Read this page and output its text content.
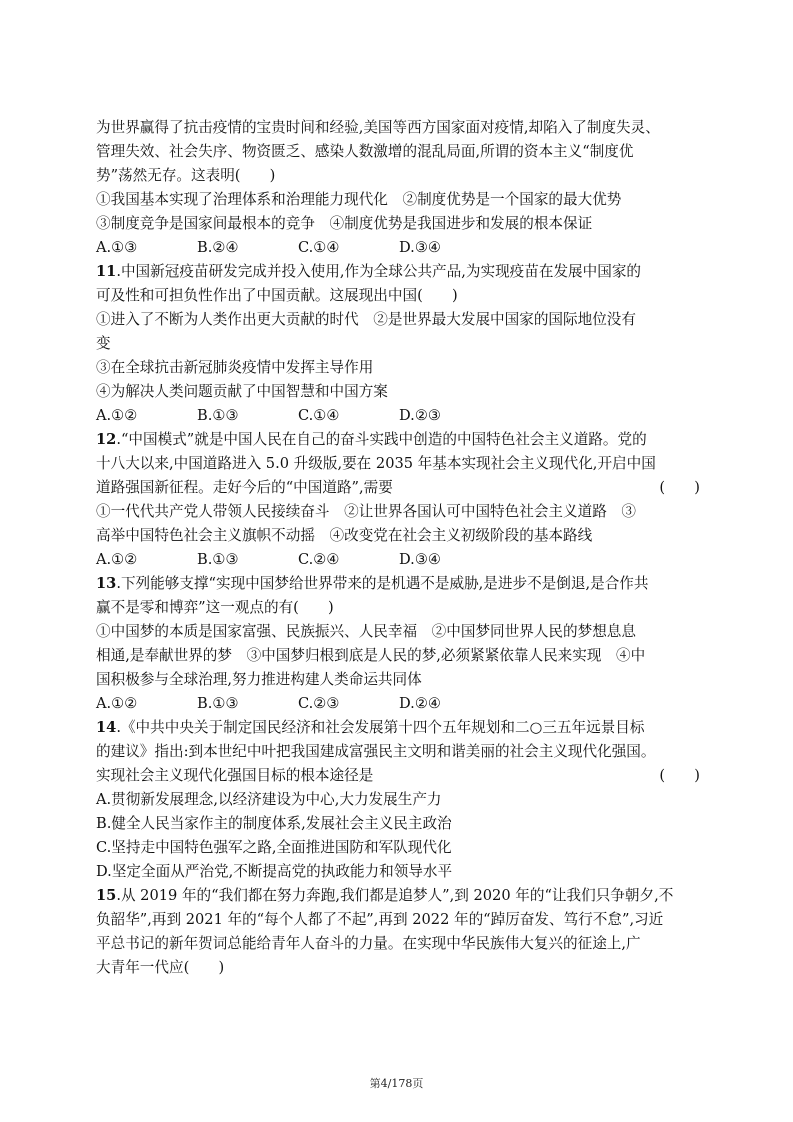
为世界赢得了抗击疫情的宝贵时间和经验,美国等西方国家面对疫情,却陷入了制度失灵、
管理失效、社会失序、物资匮乏、感染人数激增的混乱局面,所谓的资本主义“制度优
势”荡然无存。这表明(　　)
①我国基本实现了治理体系和治理能力现代化　②制度优势是一个国家的最大优势
③制度竞争是国家间最根本的竞争　④制度优势是我国进步和发展的根本保证
A.①③	B.②④	C.①④	D.③④
11.中国新冠疫苗研发完成并投入使用,作为全球公共产品,为实现疫苗在发展中国家的
可及性和可担负性作出了中国贡献。这展现出中国(　　)
①进入了不断为人类作出更大贡献的时代　②是世界最大发展中国家的国际地位没有
变
③在全球抗击新冠肺炎疫情中发挥主导作用
④为解决人类问题贡献了中国智慧和中国方案
A.①②	B.①③	C.①④	D.②③
12.“中国模式”就是中国人民在自己的奋斗实践中创造的中国特色社会主义道路。党的
十八大以来,中国道路进入 5.0 升级版,要在 2035 年基本实现社会主义现代化,开启中国
道路强国新征程。走好今后的“中国道路”,需要	(　　)
①一代代共产党人带领人民接续奋斗　②让世界各国认可中国特色社会主义道路　③
高举中国特色社会主义旗帜不动摇　④改变党在社会主义初级阶段的基本路线
A.①②	B.①③	C.②④	D.③④
13.下列能够支撑“实现中国梦给世界带来的是机遇不是威胁,是进步不是倒退,是合作共
赢不是零和博弈”这一观点的有(　　)
①中国梦的本质是国家富强、民族振兴、人民幸福　②中国梦同世界人民的梦想息息
相通,是奉献世界的梦　③中国梦归根到底是人民的梦,必须紧紧依靠人民来实现　④中
国积极参与全球治理,努力推进构建人类命运共同体
A.①②	B.①③	C.②③	D.②④
14.《中共中央关于制定国民经济和社会发展第十四个五年规划和二○三五年远景目标
的建议》指出:到本世纪中叶把我国建成富强民主文明和谐美丽的社会主义现代化强国。
实现社会主义现代化强国目标的根本途径是	(　　)
A.贯彻新发展理念,以经济建设为中心,大力发展生产力
B.健全人民当家作主的制度体系,发展社会主义民主政治
C.坚持走中国特色强军之路,全面推进国防和军队现代化
D.坚定全面从严治党,不断提高党的执政能力和领导水平
15.从 2019 年的“我们都在努力奔跑,我们都是追梦人”,到 2020 年的“让我们只争朝夕,不
负韶华”,再到 2021 年的“每个人都了不起”,再到 2022 年的“踔厉奋发、笃行不怠”,习近
平总书记的新年贺词总能给青年人奋斗的力量。在实现中华民族伟大复兴的征途上,广
大青年一代应(　　)
第4/178页
